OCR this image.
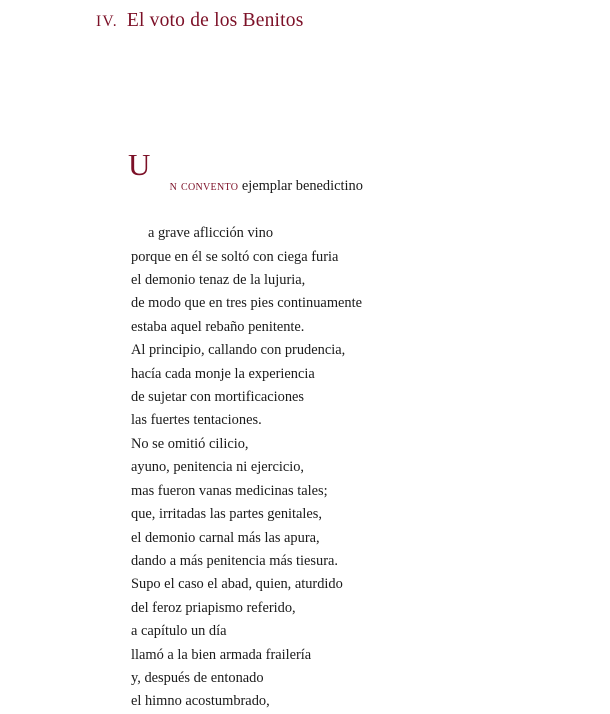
IV. El voto de los Benitos

U
n convento ejemplar benedictino

a grave aflicción vino
porque en él se soltó con ciega furia
el demonio tenaz de la lujuria,
de modo que en tres pies continuamente
estaba aquel rebaño penitente.
Al principio, callando con prudencia,
hacía cada monje la experiencia
de sujetar con mortificaciones
las fuertes tentaciones.
No se omitió cilicio,
ayuno, penitencia ni ejercicio,
mas fueron vanas medicinas tales;
que, irritadas las partes genitales,
el demonio carnal más las apura,
dando a más penitencia más tiesura.
Supo el caso el abad, quien, aturdido
del feroz priapismo referido,
a capítulo un día
llamó a la bien armada frailería
y, después de entonado
el himno acostumbrado,
